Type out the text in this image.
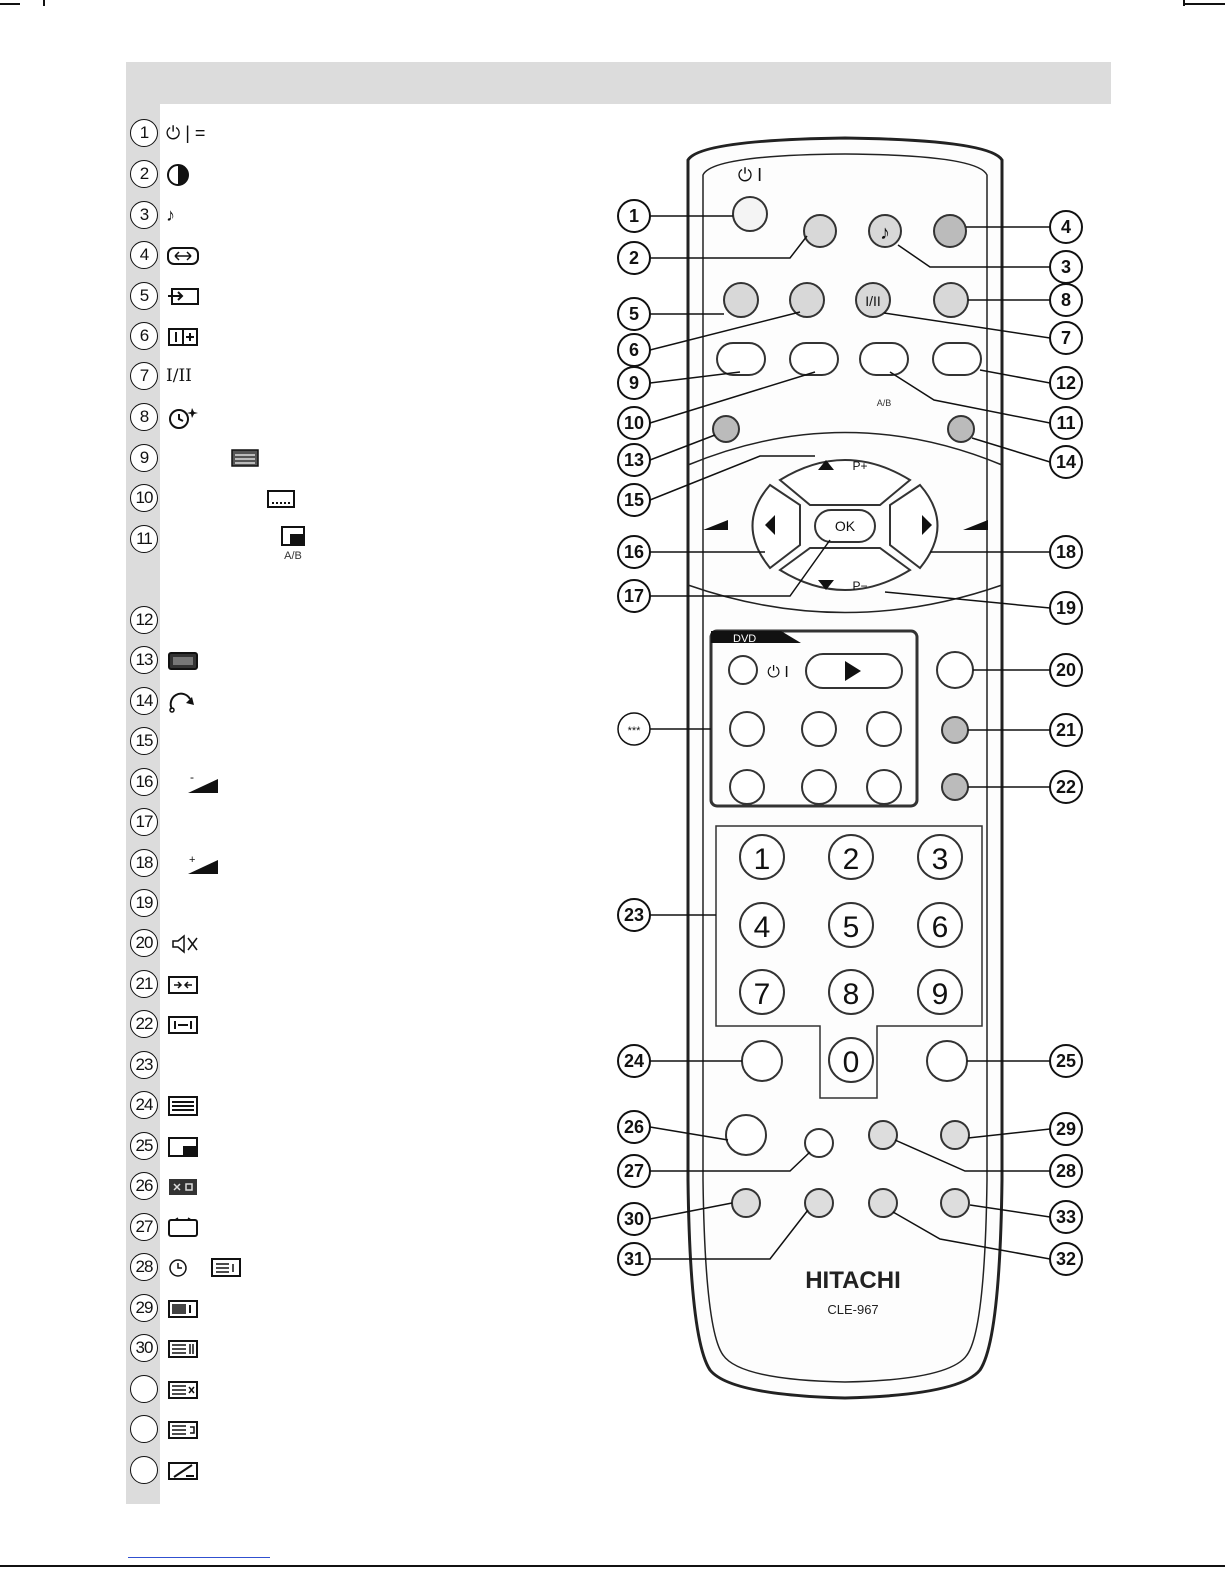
1 ⏻ | =
2
3 ♪
4
5
6
7	I/II
8
9
10
11
A/B
12
13
14
15
16	-
17
18	+
19
20
21
22
23
24
25
26
27
28
29
30
⏻ I
♪
I/II
A/B
OK
P+
P−
DVD
⏻ I
1 2 3
4 5 6
7 8 9
0
HITACHI
CLE-967
1
2	3
4
5
6
7
8
9
10	11
12
13	14
15
16
17
18
19
20
21
22
23
24	25
26
27	28
29
30
31	32
33
***
